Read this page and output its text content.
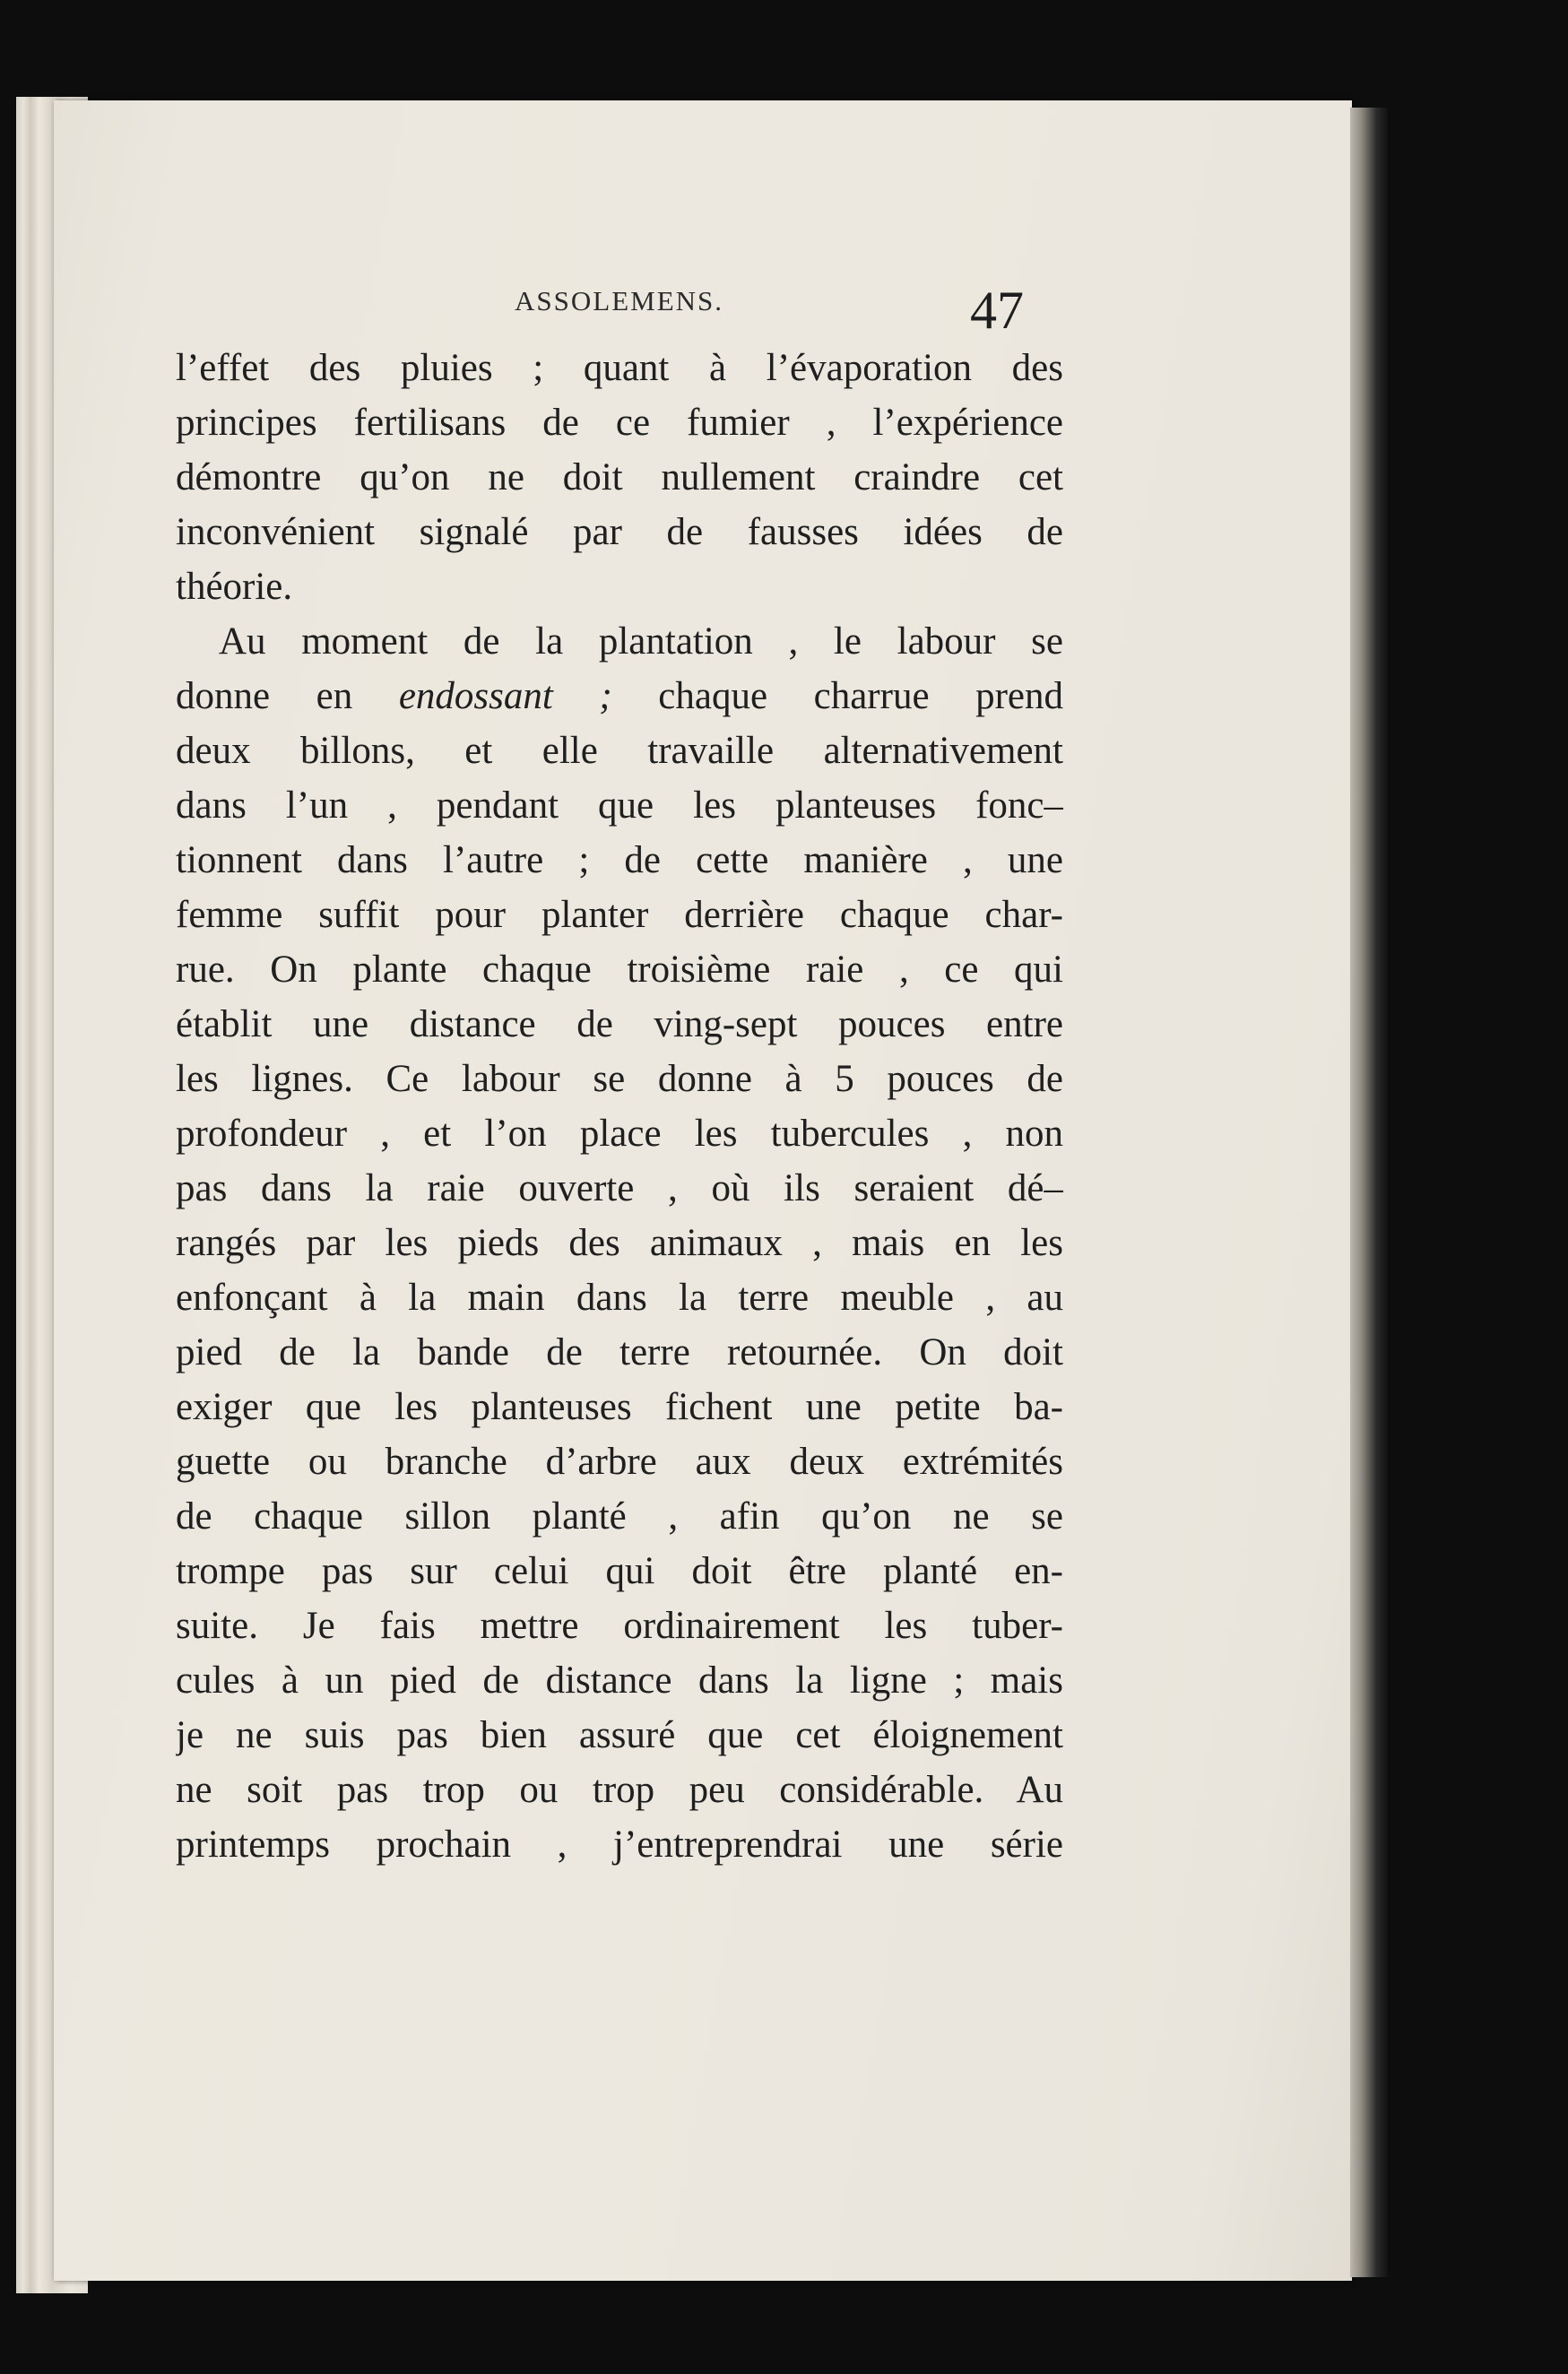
ASSOLEMENS.	47
l’effet des pluies ; quant à l’évaporation des
principes fertilisans de ce fumier , l’expérience
démontre qu’on ne doit nullement craindre cet
inconvénient signalé par de fausses idées de
théorie.
Au moment de la plantation , le labour se
donne en endossant ; chaque charrue prend
deux billons, et elle travaille alternativement
dans l’un , pendant que les planteuses fonc–
tionnent dans l’autre ; de cette manière , une
femme suffit pour planter derrière chaque char-
rue. On plante chaque troisième raie , ce qui
établit une distance de ving-sept pouces entre
les lignes. Ce labour se donne à 5 pouces de
profondeur , et l’on place les tubercules , non
pas dans la raie ouverte , où ils seraient dé–
rangés par les pieds des animaux , mais en les
enfonçant à la main dans la terre meuble , au
pied de la bande de terre retournée. On doit
exiger que les planteuses fichent une petite ba-
guette ou branche d’arbre aux deux extrémités
de chaque sillon planté , afin qu’on ne se
trompe pas sur celui qui doit être planté en-
suite. Je fais mettre ordinairement les tuber-
cules à un pied de distance dans la ligne ; mais
je ne suis pas bien assuré que cet éloignement
ne soit pas trop ou trop peu considérable. Au
printemps prochain , j’entreprendrai une série
